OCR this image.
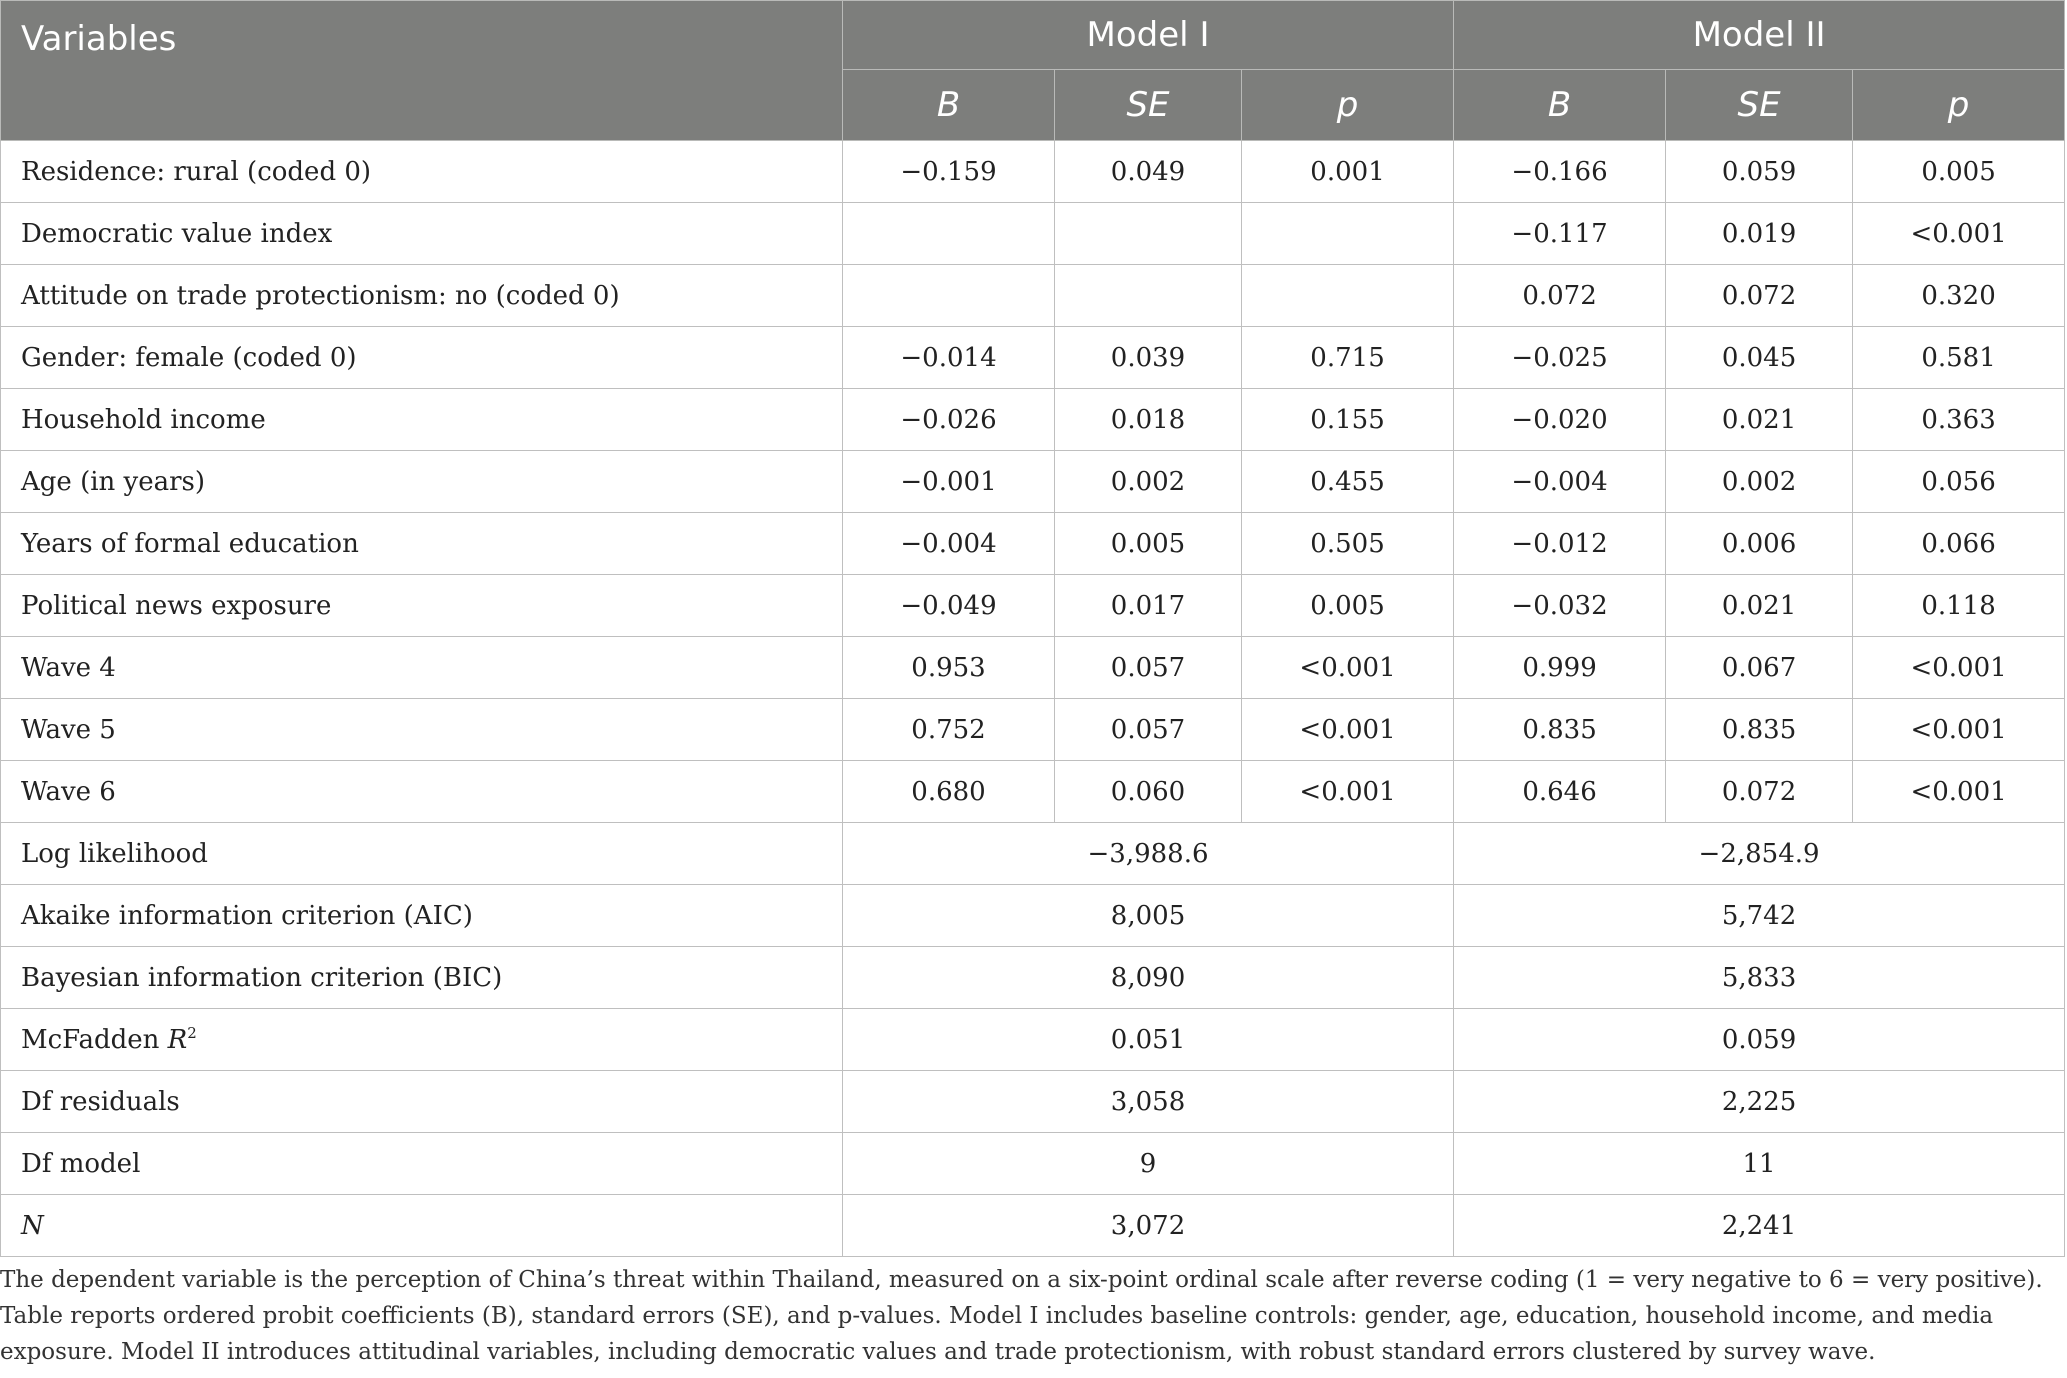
Variables	Model I			Model II		
	B	SE	p	B	SE	p
Residence: rural (coded 0)	−0.159	0.049	0.001	−0.166	0.059	0.005
Democratic value index				−0.117	0.019	<0.001
Attitude on trade protectionism: no (coded 0)				0.072	0.072	0.320
Gender: female (coded 0)	−0.014	0.039	0.715	−0.025	0.045	0.581
Household income	−0.026	0.018	0.155	−0.020	0.021	0.363
Age (in years)	−0.001	0.002	0.455	−0.004	0.002	0.056
Years of formal education	−0.004	0.005	0.505	−0.012	0.006	0.066
Political news exposure	−0.049	0.017	0.005	−0.032	0.021	0.118
Wave 4	0.953	0.057	<0.001	0.999	0.067	<0.001
Wave 5	0.752	0.057	<0.001	0.835	0.835	<0.001
Wave 6	0.680	0.060	<0.001	0.646	0.072	<0.001
Log likelihood	−3,988.6			−2,854.9		
Akaike information criterion (AIC)	8,005			5,742		
Bayesian information criterion (BIC)	8,090			5,833		
McFadden $R^2$	0.051			0.059		
Df residuals	3,058			2,225		
Df model	9			11		
N	3,072			2,241		
The dependent variable is the perception of China’s threat within Thailand, measured on a six-point ordinal scale after reverse coding (1 = very negative to 6 = very positive). Table reports ordered probit coefficients (B), standard errors (SE), and p-values. Model I includes baseline controls: gender, age, education, household income, and media exposure. Model II introduces attitudinal variables, including democratic values and trade protectionism, with robust standard errors clustered by survey wave.
